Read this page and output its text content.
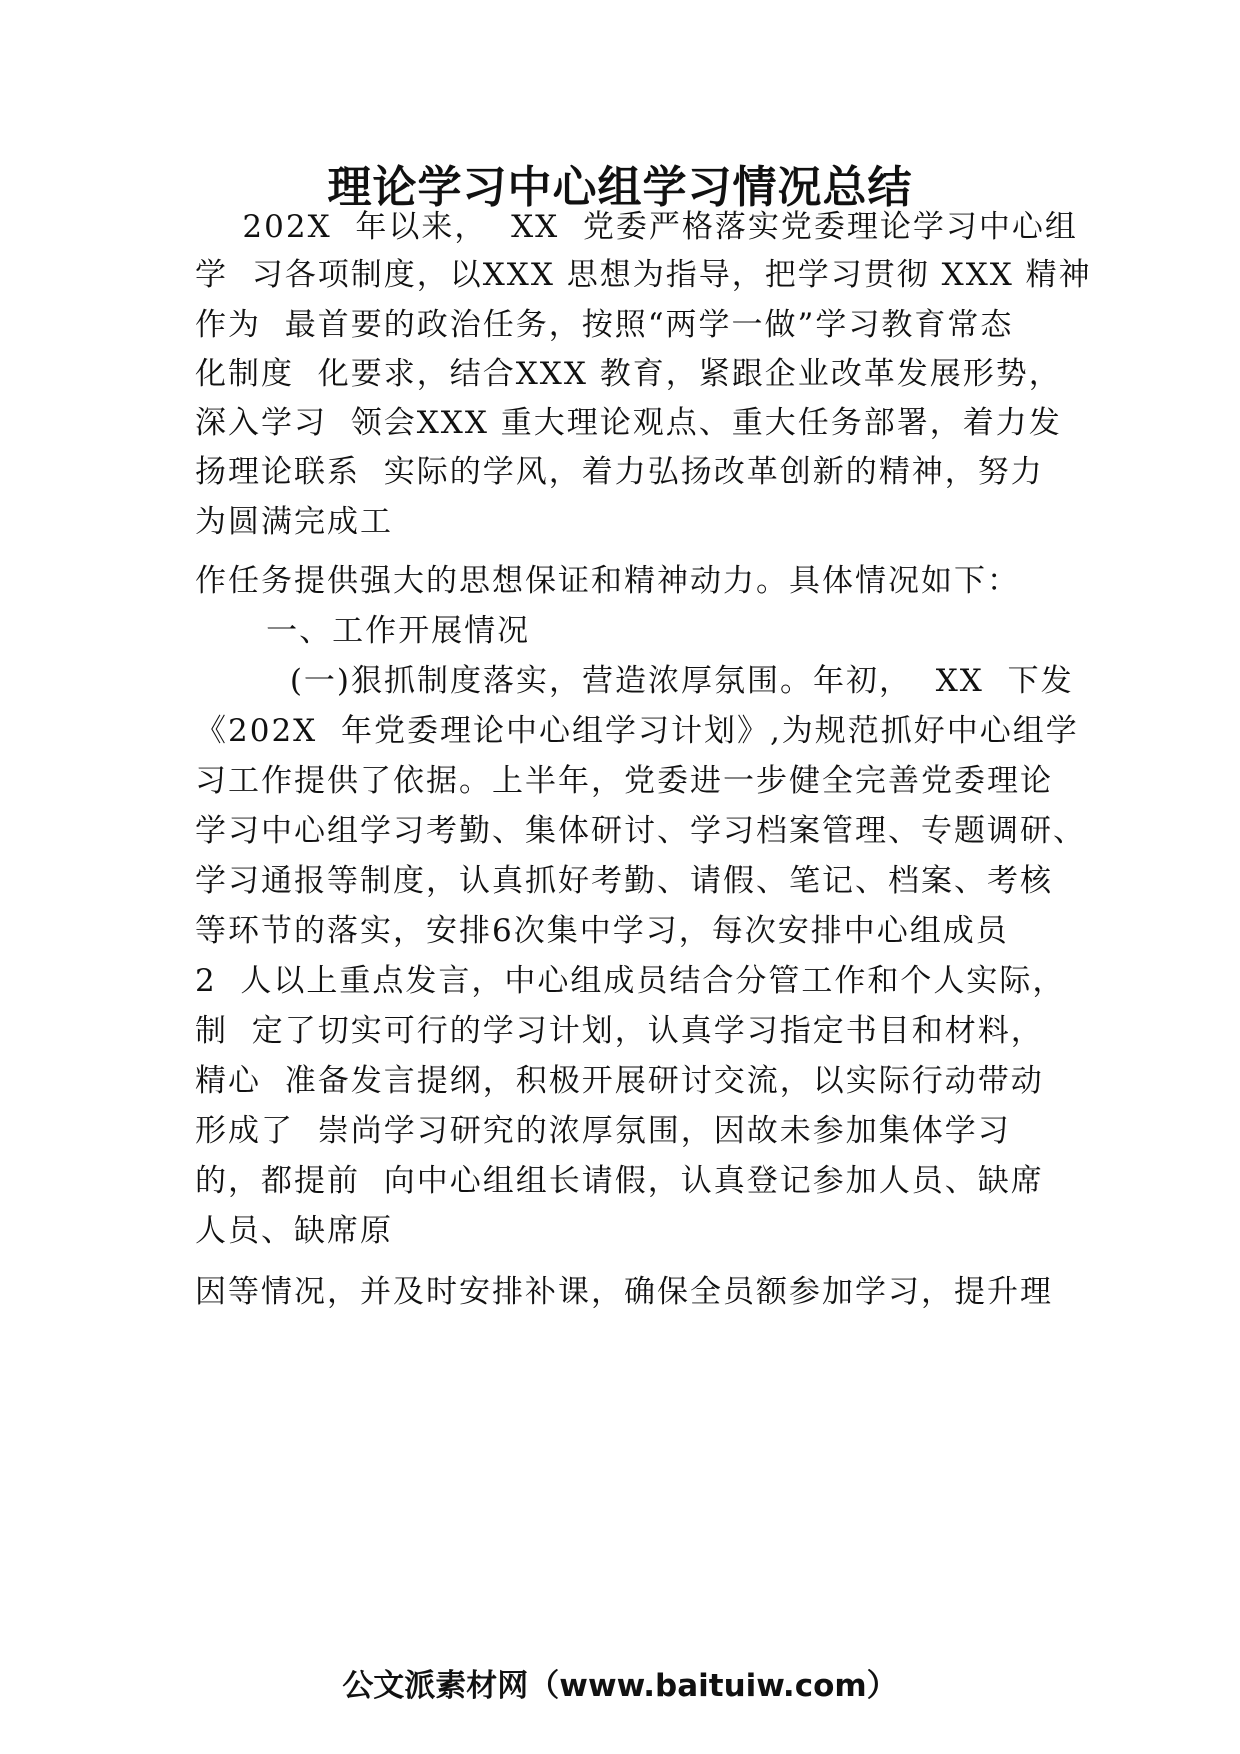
理论学习中心组学习情况总结
202X  年以来，  XX  党委严格落实党委理论学习中心组
学  习各项制度，以XXX 思想为指导，把学习贯彻 XXX 精神
作为  最首要的政治任务，按照“两学一做”学习教育常态
化制度  化要求，结合XXX 教育，紧跟企业改革发展形势，
深入学习  领会XXX 重大理论观点、重大任务部署，着力发
扬理论联系  实际的学风，着力弘扬改革创新的精神，努力
为圆满完成工
作任务提供强大的思想保证和精神动力。具体情况如下：
一、工作开展情况
(一)狠抓制度落实，营造浓厚氛围。年初，  XX  下发
《202X  年党委理论中心组学习计划》,为规范抓好中心组学
习工作提供了依据。上半年，党委进一步健全完善党委理论
学习中心组学习考勤、集体研讨、学习档案管理、专题调研、
学习通报等制度，认真抓好考勤、请假、笔记、档案、考核
等环节的落实，安排6次集中学习，每次安排中心组成员
2  人以上重点发言，中心组成员结合分管工作和个人实际，
制  定了切实可行的学习计划，认真学习指定书目和材料，
精心  准备发言提纲，积极开展研讨交流，以实际行动带动
形成了  崇尚学习研究的浓厚氛围，因故未参加集体学习
的，都提前  向中心组组长请假，认真登记参加人员、缺席
人员、缺席原
因等情况，并及时安排补课，确保全员额参加学习，提升理
公文派素材网（www.baituiw.com）
